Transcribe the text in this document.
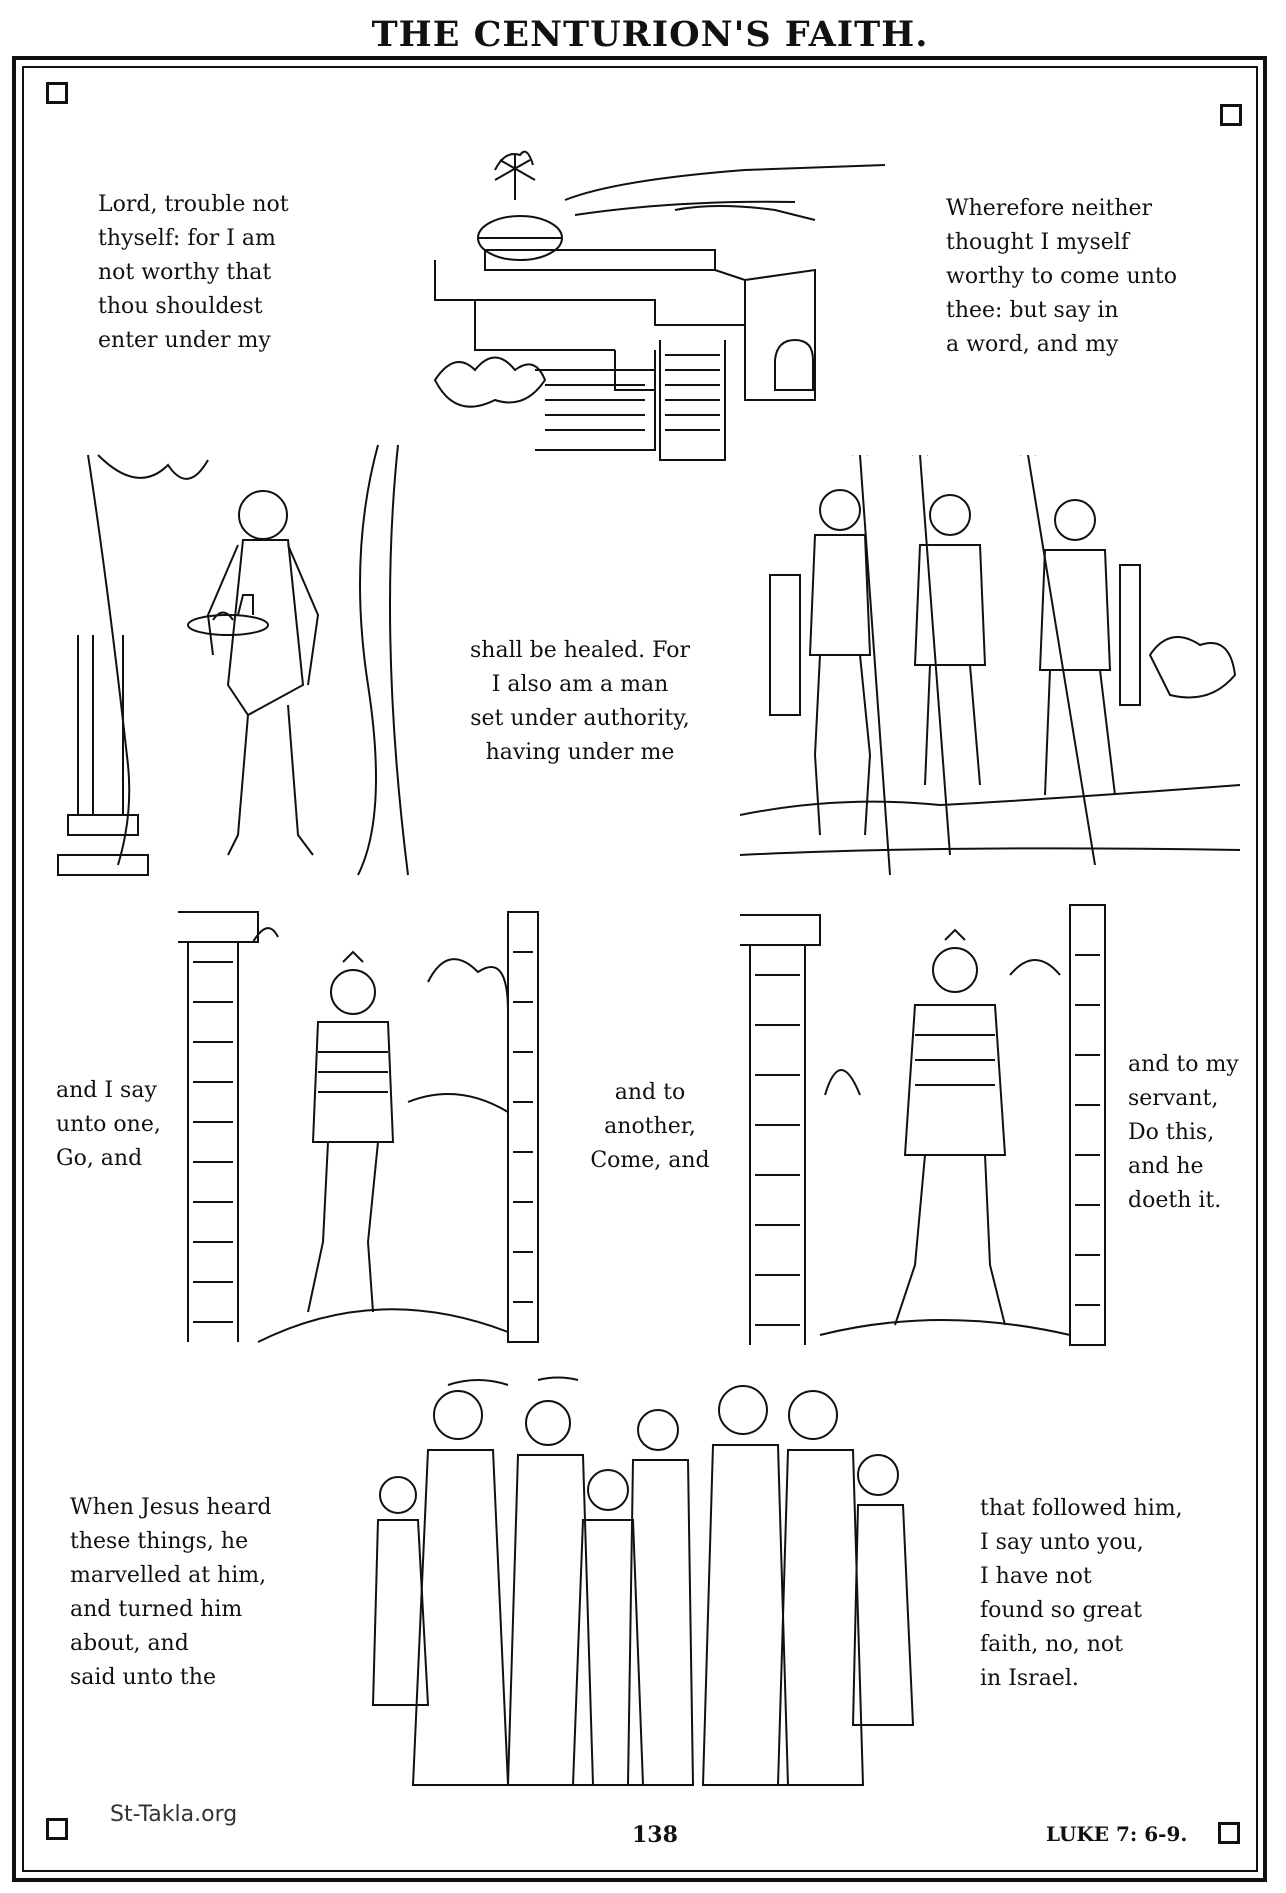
THE CENTURION'S FAITH.
Lord, trouble not
thyself: for I am
not worthy that
thou shouldest
enter under my
Wherefore neither
thought I myself
worthy to come unto
thee: but say in
a word, and my
shall be healed. For
I also am a man
set under authority,
having under me
and I say
unto one,
Go, and
and to
another,
Come, and
and to my
servant,
Do this,
and he
doeth it.
When Jesus heard
these things, he
marvelled at him,
and turned him
about, and
said unto the
that followed him,
I say unto you,
I have not
found so great
faith, no, not
in Israel.
St-Takla.org
138	LUKE 7: 6-9.
